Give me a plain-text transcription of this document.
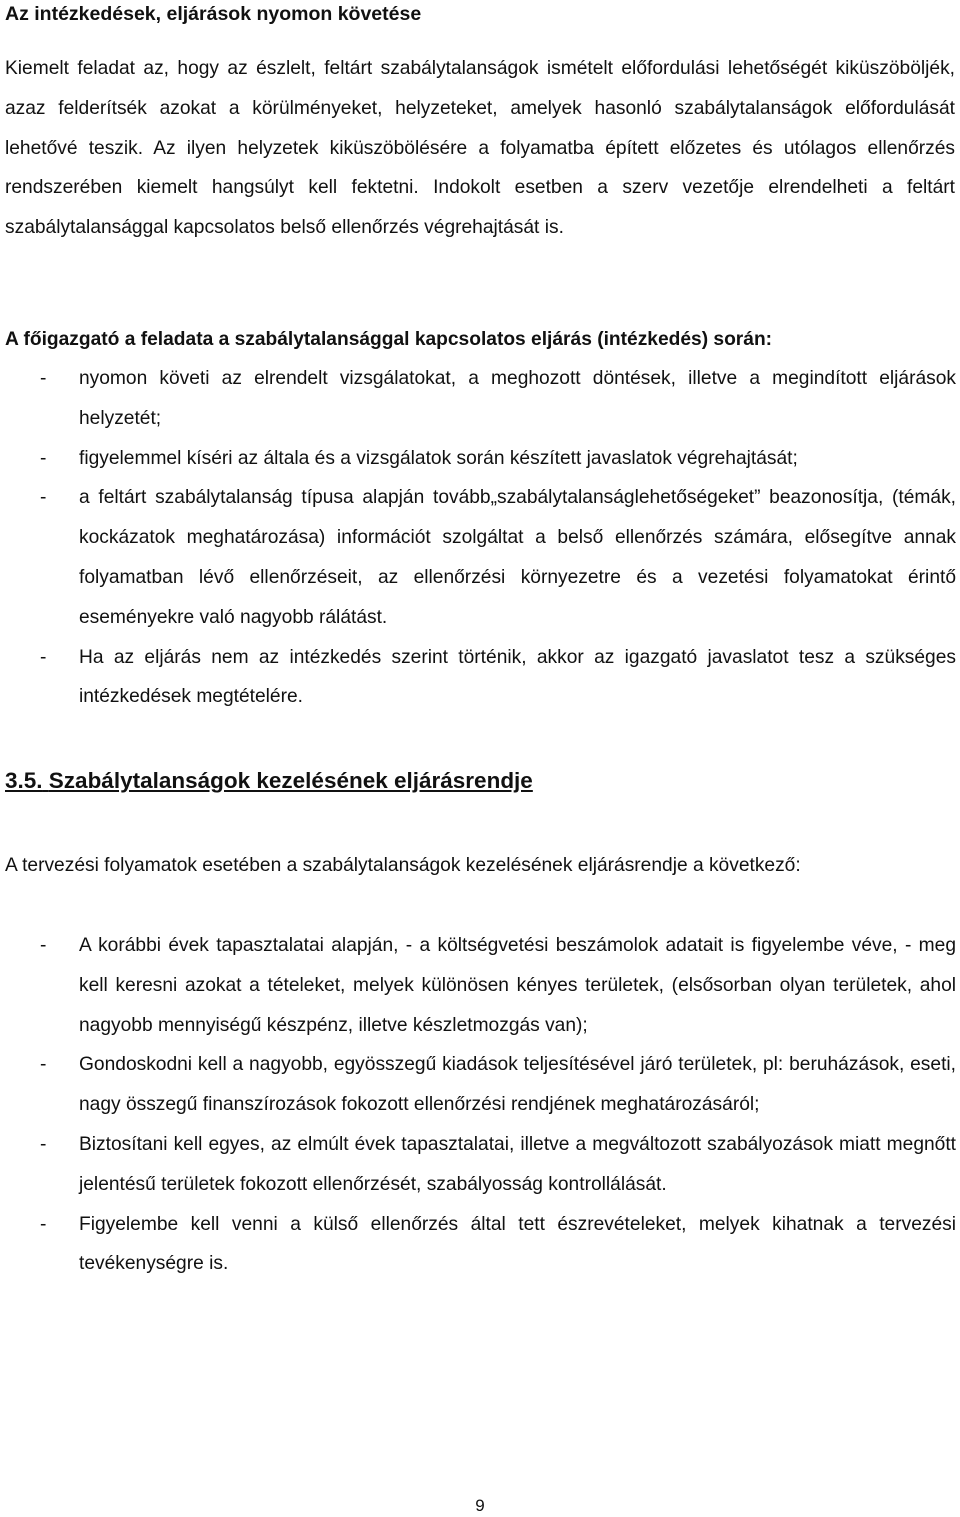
Az intézkedések, eljárások nyomon követése

Kiemelt feladat az, hogy az észlelt, feltárt szabálytalanságok ismételt előfordulási lehetőségét kiküszöböljék, azaz felderítsék azokat a körülményeket, helyzeteket, amelyek hasonló szabálytalanságok előfordulását lehetővé teszik. Az ilyen helyzetek kiküszöbölésére a folyamatba épített előzetes és utólagos ellenőrzés rendszerében kiemelt hangsúlyt kell fektetni. Indokolt esetben a szerv vezetője elrendelheti a feltárt szabálytalansággal kapcsolatos belső ellenőrzés végrehajtását is.

A főigazgató a feladata a szabálytalansággal kapcsolatos eljárás (intézkedés) során:

- nyomon követi az elrendelt vizsgálatokat, a meghozott döntések, illetve a megindított eljárások helyzetét;
- figyelemmel kíséri az általa és a vizsgálatok során készített javaslatok végrehajtását;
- a feltárt szabálytalanság típusa alapján tovább„szabálytalanságlehetőségeket” beazonosítja, (témák, kockázatok meghatározása) információt szolgáltat a belső ellenőrzés számára, elősegítve annak folyamatban lévő ellenőrzéseit, az ellenőrzési környezetre és a vezetési folyamatokat érintő eseményekre való nagyobb rálátást.
- Ha az eljárás nem az intézkedés szerint történik, akkor az igazgató javaslatot tesz a szükséges intézkedések megtételére.
3.5. Szabálytalanságok kezelésének eljárásrendje

A tervezési folyamatok esetében a szabálytalanságok kezelésének eljárásrendje a következő:

- A korábbi évek tapasztalatai alapján, - a költségvetési beszámolok adatait is figyelembe véve, - meg kell keresni azokat a tételeket, melyek különösen kényes területek, (elsősorban olyan területek, ahol nagyobb mennyiségű készpénz, illetve készletmozgás van);
- Gondoskodni kell a nagyobb, egyösszegű kiadások teljesítésével járó területek, pl: beruházások, eseti, nagy összegű finanszírozások fokozott ellenőrzési rendjének meghatározásáról;
- Biztosítani kell egyes, az elmúlt évek tapasztalatai, illetve a megváltozott szabályozások miatt megnőtt jelentésű területek fokozott ellenőrzését, szabályosság kontrollálását.
- Figyelembe kell venni a külső ellenőrzés által tett észrevételeket, melyek kihatnak a tervezési tevékenységre is.
9
